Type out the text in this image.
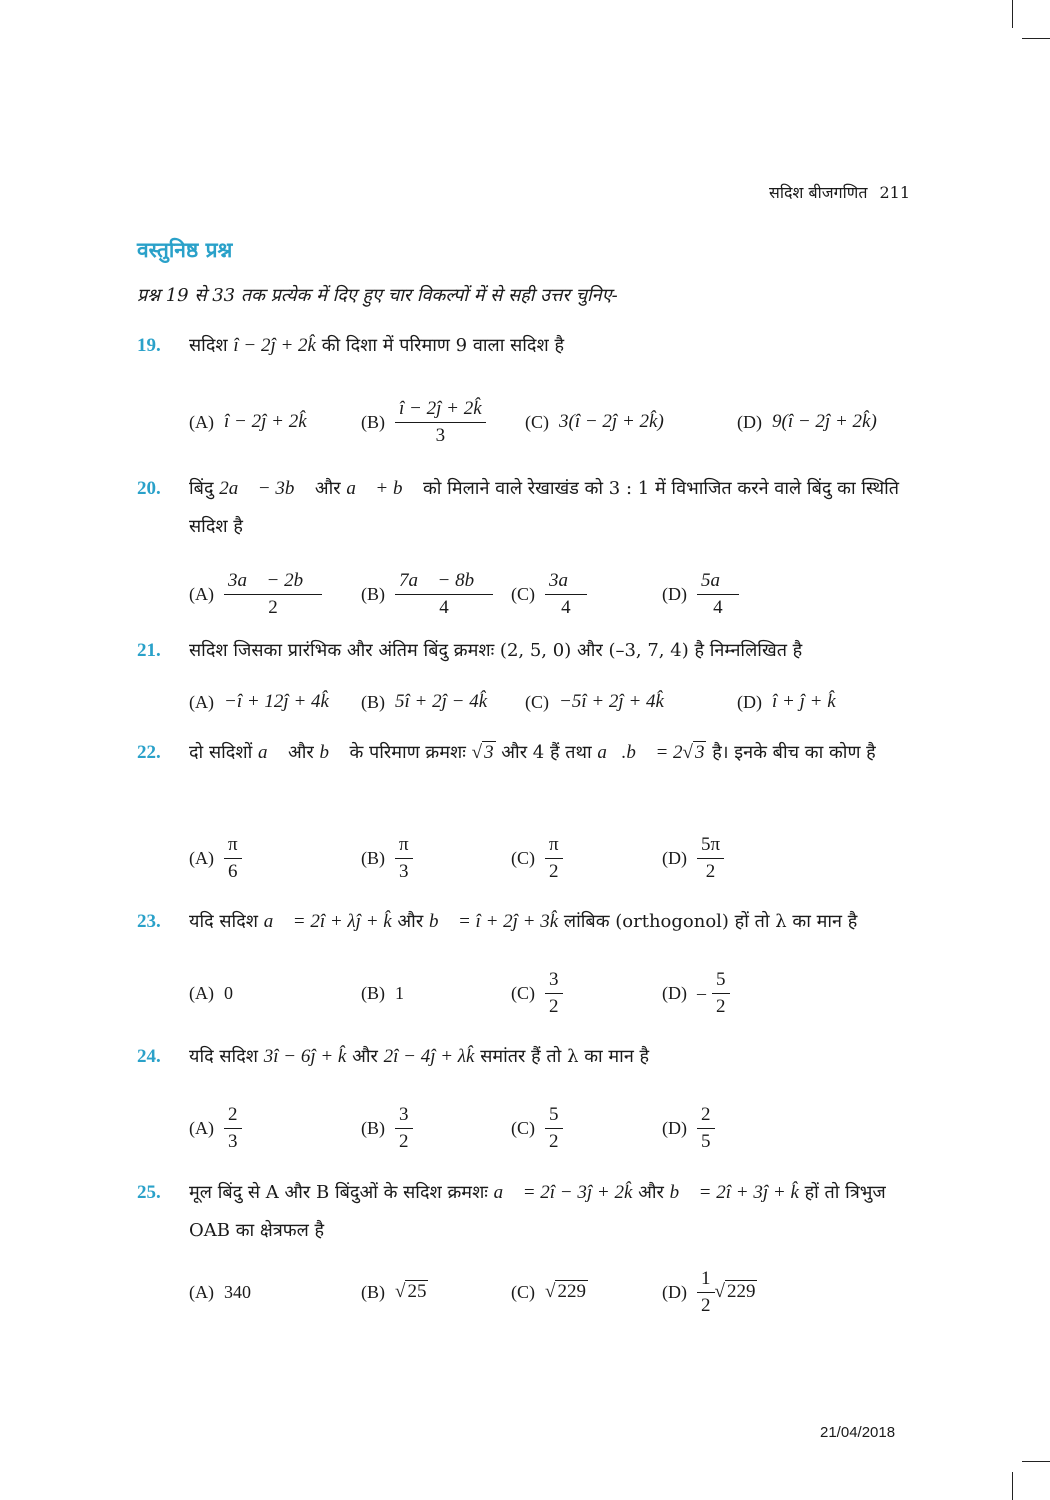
सदिश बीजगणित 211
वस्तुनिष्ठ प्रश्न
प्रश्न 19 से 33 तक प्रत्येक में दिए हुए चार विकल्पों में से सही उत्तर चुनिए-
19. सदिश î − 2ĵ + 2k̂ की दिशा में परिमाण 9 वाला सदिश है
(A) î − 2ĵ + 2k̂	$(B) \frac{î - 2ĵ + 2k̂}{3} (C)$ 3(î − 2ĵ + 2k̂)	(D) 9(î − 2ĵ + 2k̂)
20. बिंदु 2a⃗ − 3b⃗ और a⃗ + b⃗ को मिलाने वाले रेखाखंड को 3 : 1 में विभाजित करने वाले बिंदु का स्थिति सदिश है
$(A) \frac{3a⃗ - 2b⃗}{2} (B) \frac{7a⃗ - 8b⃗}{4} (C) \frac{3a⃗}{4}$	$(D) \frac{5a⃗}{4}$
21. सदिश जिसका प्रारंभिक और अंतिम बिंदु क्रमशः (2, 5, 0) और (–3, 7, 4) है निम्नलिखित है
(A) −î + 12ĵ + 4k̂ (B) 5î + 2ĵ − 4k̂ (C) −5î + 2ĵ + 4k̂	(D) î + ĵ + k̂
22. दो सदिशों a⃗ और b⃗ के परिमाण क्रमशः √ 3 और 4 हैं तथा a⃗.b⃗ = 2√ 3 है। इनके बीच का कोण है
$(A) \frac{\pi}{6}$	$(B) \frac{\pi}{3}$	$(C) \frac{\pi}{2}$	$(D) \frac{5\pi}{2}$
23. यदि सदिश a⃗ = 2î + λĵ + k̂ और b⃗ = î + 2ĵ + 3k̂ लांबिक (orthogonol) हों तो λ का मान है
(A) 0	(B) 1	$(C) \frac{3}{2}$	$(D) - \frac{5}{2}$
24. यदि सदिश 3î − 6ĵ + k̂ और 2î − 4ĵ + λk̂ समांतर हैं तो λ का मान है
$(A) \frac{2}{3}$	$(B) \frac{3}{2}$	$(C) \frac{5}{2}$	$(D) \frac{2}{5}$
25. मूल बिंदु से A और B बिंदुओं के सदिश क्रमशः a⃗ = 2î − 3ĵ + 2k̂ और b⃗ = 2î + 3ĵ + k̂ हों तो त्रिभुज OAB का क्षेत्रफल है
(A) 340	(B) √ 25	(C) √ 229	$(D) \frac{1}{2}$ √ 229
21/04/2018
